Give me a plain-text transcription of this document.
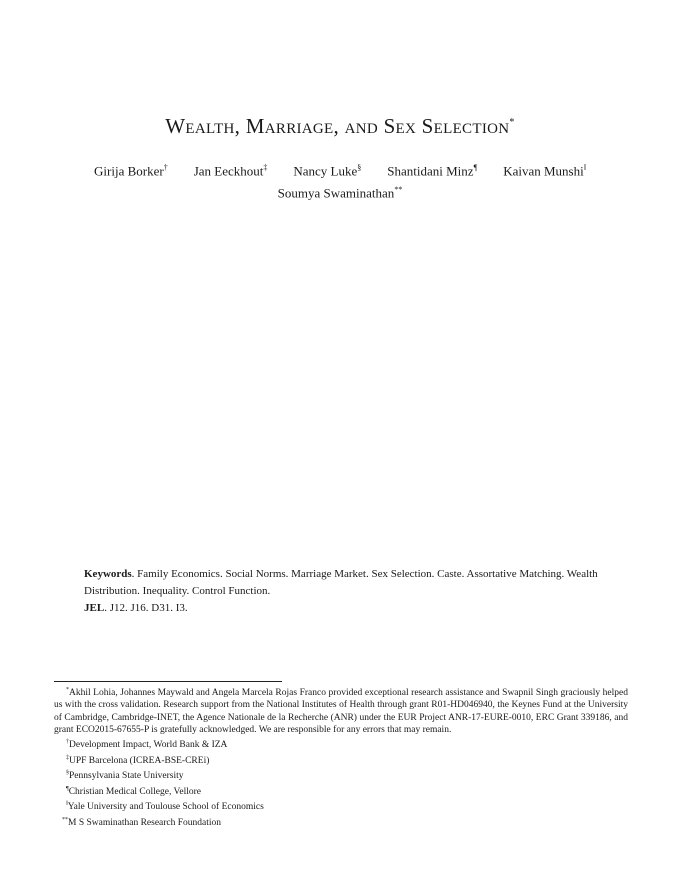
Wealth, Marriage, and Sex Selection*
Girija Borker† Jan Eeckhout‡ Nancy Luke§ Shantidani Minz¶ Kaivan Munshi‖
Soumya Swaminathan**

Keywords. Family Economics. Social Norms. Marriage Market. Sex Selection. Caste. Assortative Matching. Wealth Distribution. Inequality. Control Function.

JEL. J12. J16. D31. I3.

*Akhil Lohia, Johannes Maywald and Angela Marcela Rojas Franco provided exceptional research assistance and Swapnil Singh graciously helped us with the cross validation. Research support from the National Institutes of Health through grant R01-HD046940, the Keynes Fund at the University of Cambridge, Cambridge-INET, the Agence Nationale de la Recherche (ANR) under the EUR Project ANR-17-EURE-0010, ERC Grant 339186, and grant ECO2015-67655-P is gratefully acknowledged. We are responsible for any errors that may remain.

†Development Impact, World Bank & IZA

‡UPF Barcelona (ICREA-BSE-CREi)

§Pennsylvania State University

¶Christian Medical College, Vellore

‖Yale University and Toulouse School of Economics

**M S Swaminathan Research Foundation
